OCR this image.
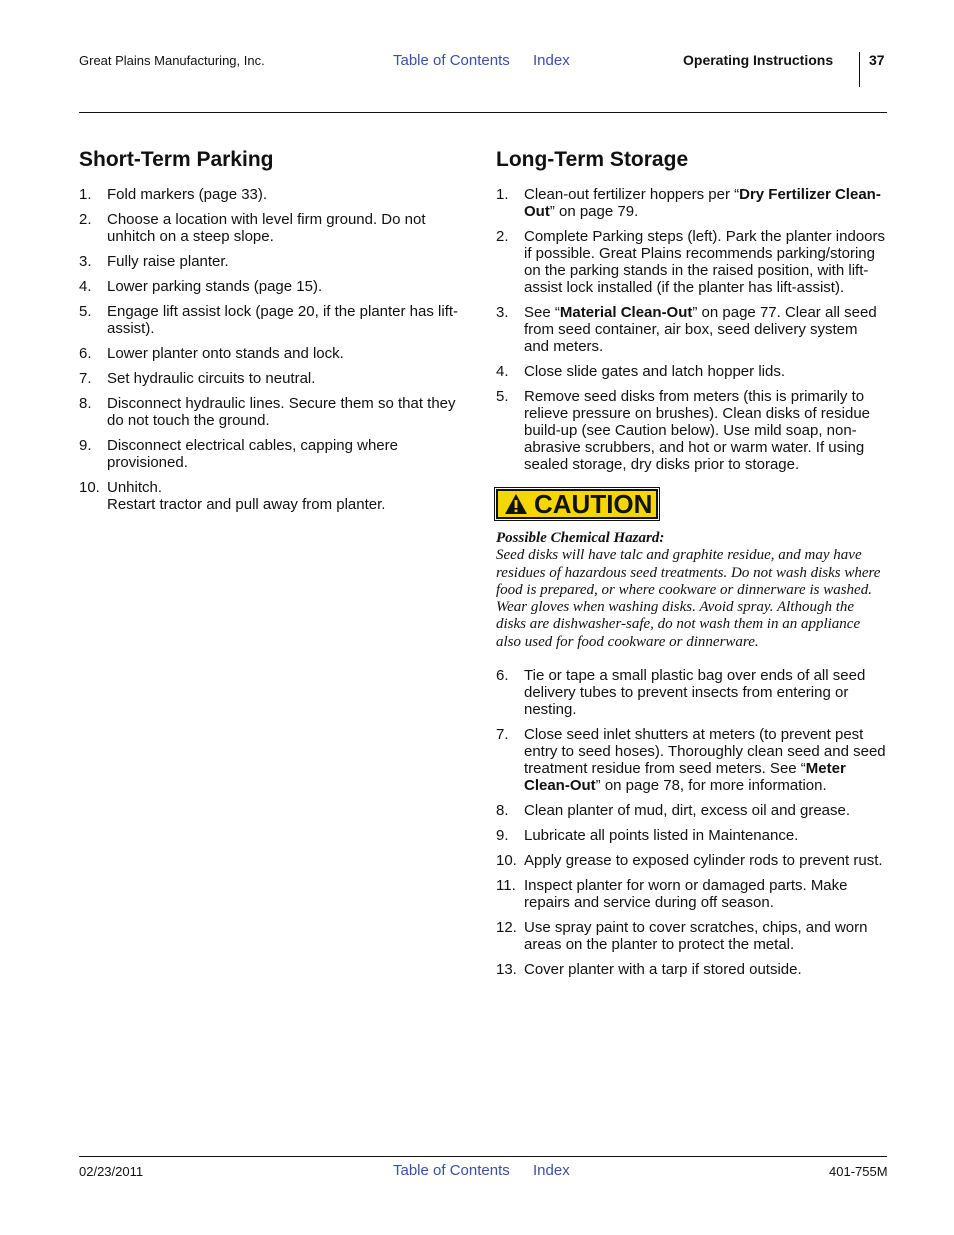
Great Plains Manufacturing, Inc.	Table of Contents Index	Operating Instructions	37
Short-Term Parking
1. Fold markers (page 33).
2. Choose a location with level firm ground. Do not unhitch on a steep slope.
3. Fully raise planter.
4. Lower parking stands (page 15).
5. Engage lift assist lock (page 20, if the planter has lift-assist).
6. Lower planter onto stands and lock.
7. Set hydraulic circuits to neutral.
8. Disconnect hydraulic lines. Secure them so that they do not touch the ground.
9. Disconnect electrical cables, capping where provisioned.
10. Unhitch.
Restart tractor and pull away from planter.
Long-Term Storage
1. Clean-out fertilizer hoppers per “Dry Fertilizer Clean-Out” on page 79.
2. Complete Parking steps (left). Park the planter indoors if possible. Great Plains recommends parking/storing on the parking stands in the raised position, with lift-assist lock installed (if the planter has lift-assist).
3. See “Material Clean-Out” on page 77. Clear all seed from seed container, air box, seed delivery system and meters.
4. Close slide gates and latch hopper lids.
5. Remove seed disks from meters (this is primarily to relieve pressure on brushes). Clean disks of residue build-up (see Caution below). Use mild soap, non-abrasive scrubbers, and hot or warm water. If using sealed storage, dry disks prior to storage.
CAUTION
Possible Chemical Hazard:
Seed disks will have talc and graphite residue, and may have residues of hazardous seed treatments. Do not wash disks where food is prepared, or where cookware or dinnerware is washed. Wear gloves when washing disks. Avoid spray. Although the disks are dishwasher-safe, do not wash them in an appliance also used for food cookware or dinnerware.
6. Tie or tape a small plastic bag over ends of all seed delivery tubes to prevent insects from entering or nesting.
7. Close seed inlet shutters at meters (to prevent pest entry to seed hoses). Thoroughly clean seed and seed treatment residue from seed meters. See “Meter Clean-Out” on page 78, for more information.
8. Clean planter of mud, dirt, excess oil and grease.
9. Lubricate all points listed in Maintenance.
10. Apply grease to exposed cylinder rods to prevent rust.
11. Inspect planter for worn or damaged parts. Make repairs and service during off season.
12. Use spray paint to cover scratches, chips, and worn areas on the planter to protect the metal.
13. Cover planter with a tarp if stored outside.
02/23/2011	Table of Contents Index	401-755M
